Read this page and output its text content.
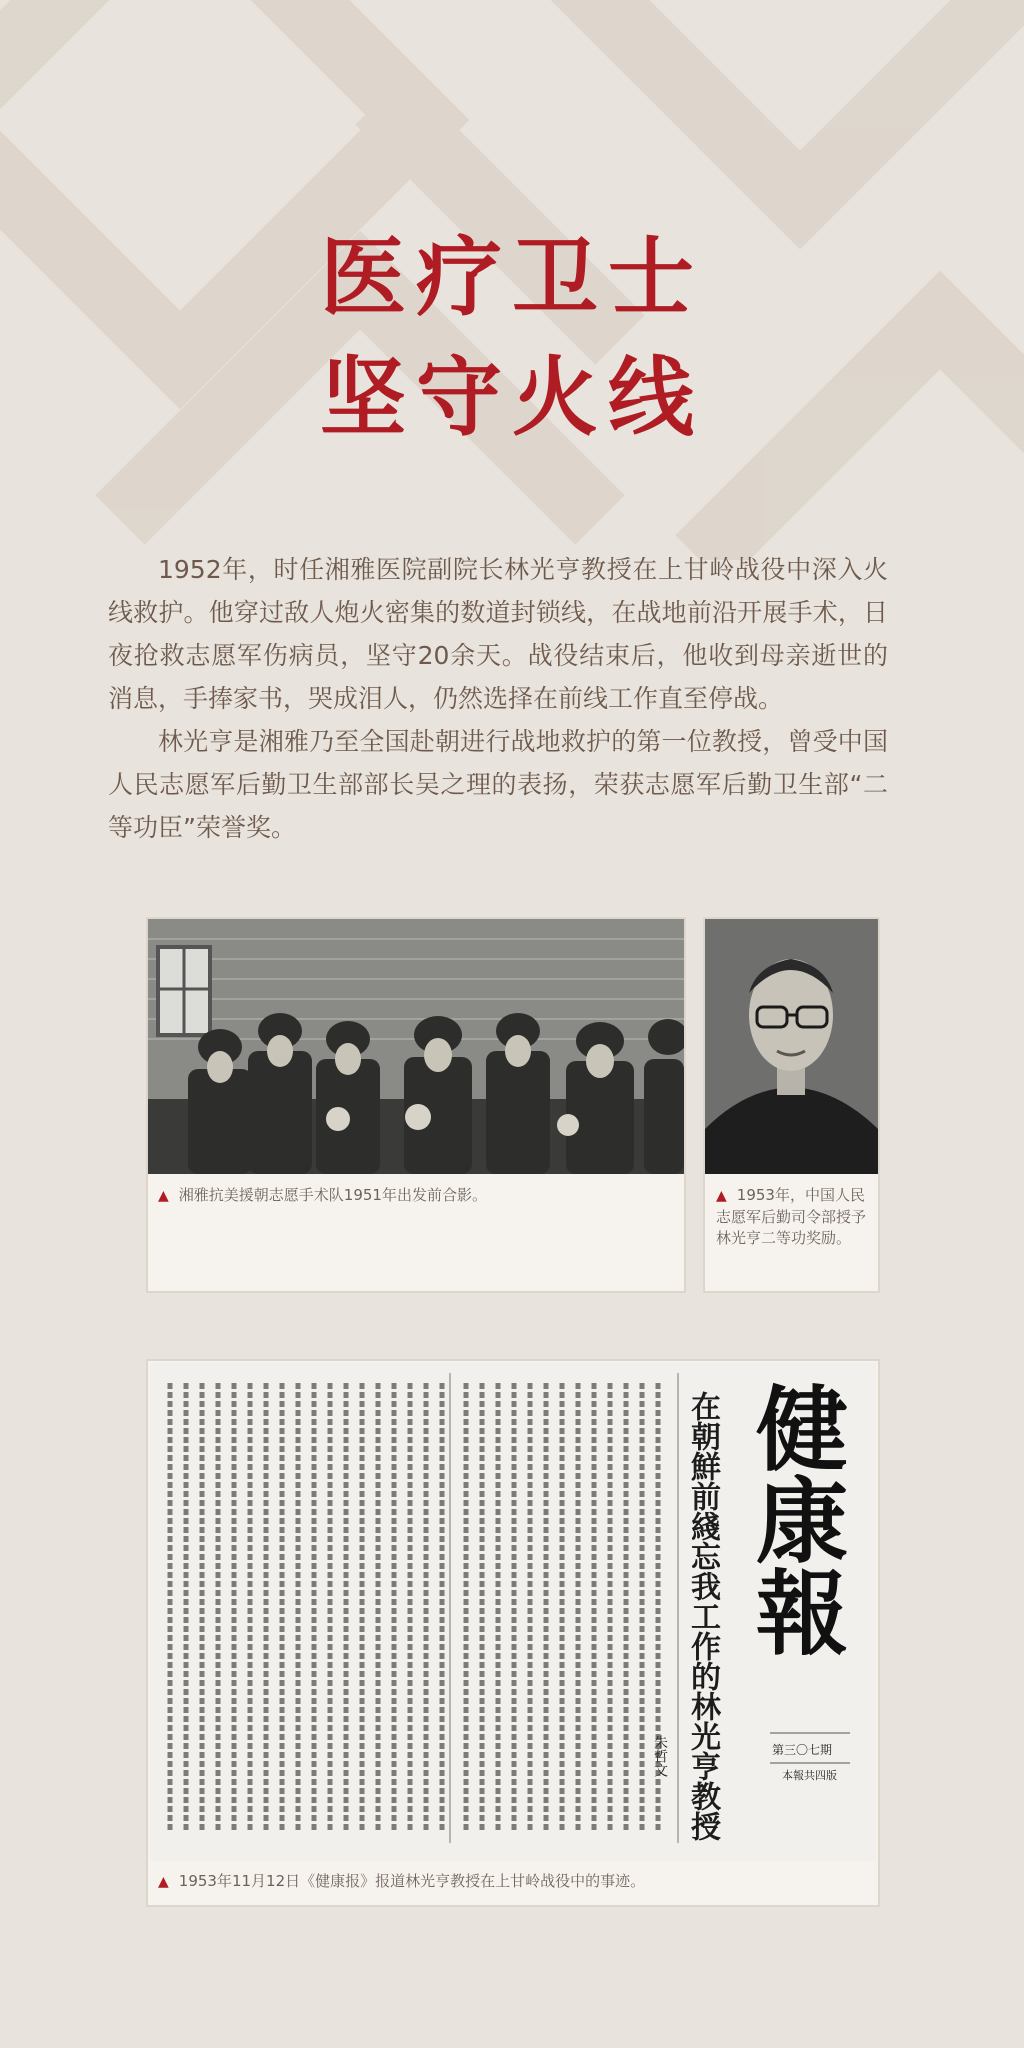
医疗卫士
坚守火线

1952年，时任湘雅医院副院长林光亨教授在上甘岭战役中深入火线救护。他穿过敌人炮火密集的数道封锁线，在战地前沿开展手术，日夜抢救志愿军伤病员，坚守20余天。战役结束后，他收到母亲逝世的消息，手捧家书，哭成泪人，仍然选择在前线工作直至停战。

林光亨是湘雅乃至全国赴朝进行战地救护的第一位教授，曾受中国人民志愿军后勤卫生部部长吴之理的表扬，荣获志愿军后勤卫生部“二等功臣”荣誉奖。

▲ 湘雅抗美援朝志愿手术队1951年出发前合影。	▲ 1953年，中国人民志愿军后勤司令部授予林光亨二等功奖励。
在朝鮮前綫忘我工作的林光亨教授
朱哲文
健康報
第三〇七期
本報共四版
▲ 1953年11月12日《健康报》报道林光亨教授在上甘岭战役中的事迹。
